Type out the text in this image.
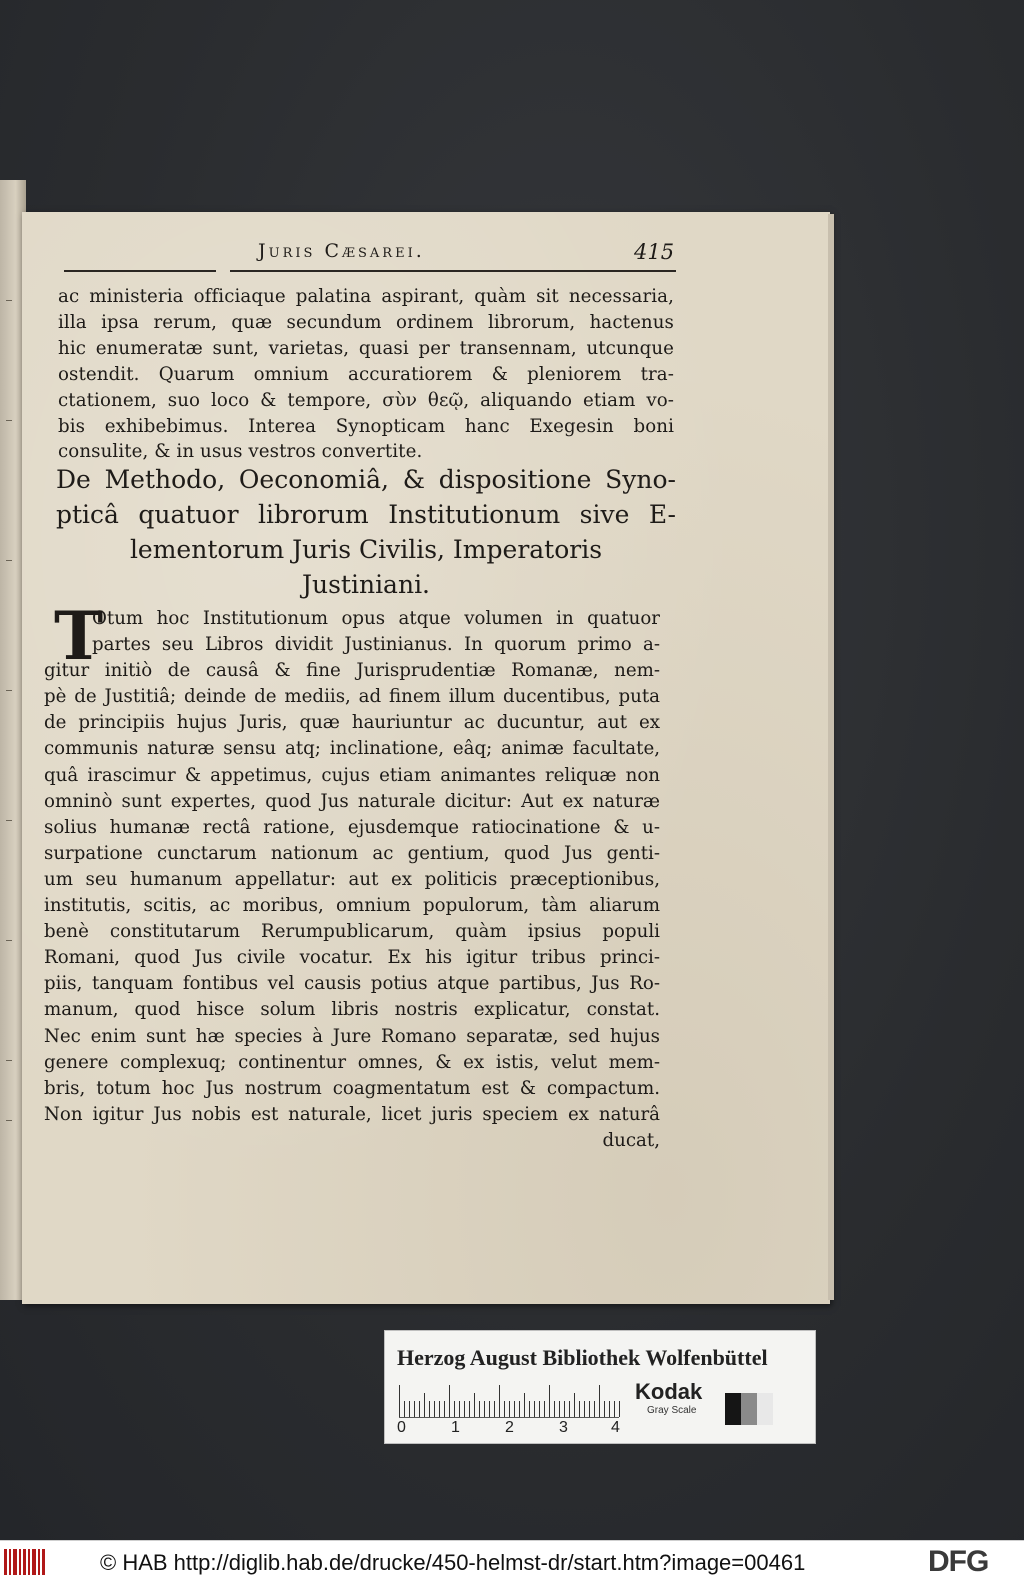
Juris Cæsarei.	415
ac ministeria officiaque palatina aspirant, quàm sit necessaria,
illa ipsa rerum, quæ secundum ordinem librorum, hactenus
hic enumeratæ sunt, varietas, quasi per transennam, utcunque
ostendit. Quarum omnium accuratiorem & pleniorem tra-
ctationem, suo loco & tempore, σὺν θεῷ, aliquando etiam vo-
bis exhibebimus. Interea Synopticam hanc Exegesin boni
consulite, & in usus vestros convertite.
De Methodo, Oeconomiâ, & dispositione Syno-
pticâ quatuor librorum Institutionum sive E-
lementorum Juris Civilis, Imperatoris
Justiniani.
T
Otum hoc Institutionum opus atque volumen in quatuor
partes seu Libros dividit Justinianus. In quorum primo a-
gitur initiò de causâ & fine Jurisprudentiæ Romanæ, nem-
pè de Justitiâ; deinde de mediis, ad finem illum ducentibus, puta
de principiis hujus Juris, quæ hauriuntur ac ducuntur, aut ex
communis naturæ sensu atq; inclinatione, eâq; animæ facultate,
quâ irascimur & appetimus, cujus etiam animantes reliquæ non
omninò sunt expertes, quod Jus naturale dicitur: Aut ex naturæ
solius humanæ rectâ ratione, ejusdemque ratiocinatione & u-
surpatione cunctarum nationum ac gentium, quod Jus genti-
um seu humanum appellatur: aut ex politicis præceptionibus,
institutis, scitis, ac moribus, omnium populorum, tàm aliarum
benè constitutarum Rerumpublicarum, quàm ipsius populi
Romani, quod Jus civile vocatur. Ex his igitur tribus princi-
piis, tanquam fontibus vel causis potius atque partibus, Jus Ro-
manum, quod hisce solum libris nostris explicatur, constat.
Nec enim sunt hæ species à Jure Romano separatæ, sed hujus
genere complexuq; continentur omnes, & ex istis, velut mem-
bris, totum hoc Jus nostrum coagmentatum est & compactum.
Non igitur Jus nobis est naturale, licet juris speciem ex naturâ
ducat,
Herzog August Bibliothek Wolfenbüttel
0	1	2	3	4
Kodak
Gray Scale
© HAB http://diglib.hab.de/drucke/450-helmst-dr/start.htm?image=00461	DFG
